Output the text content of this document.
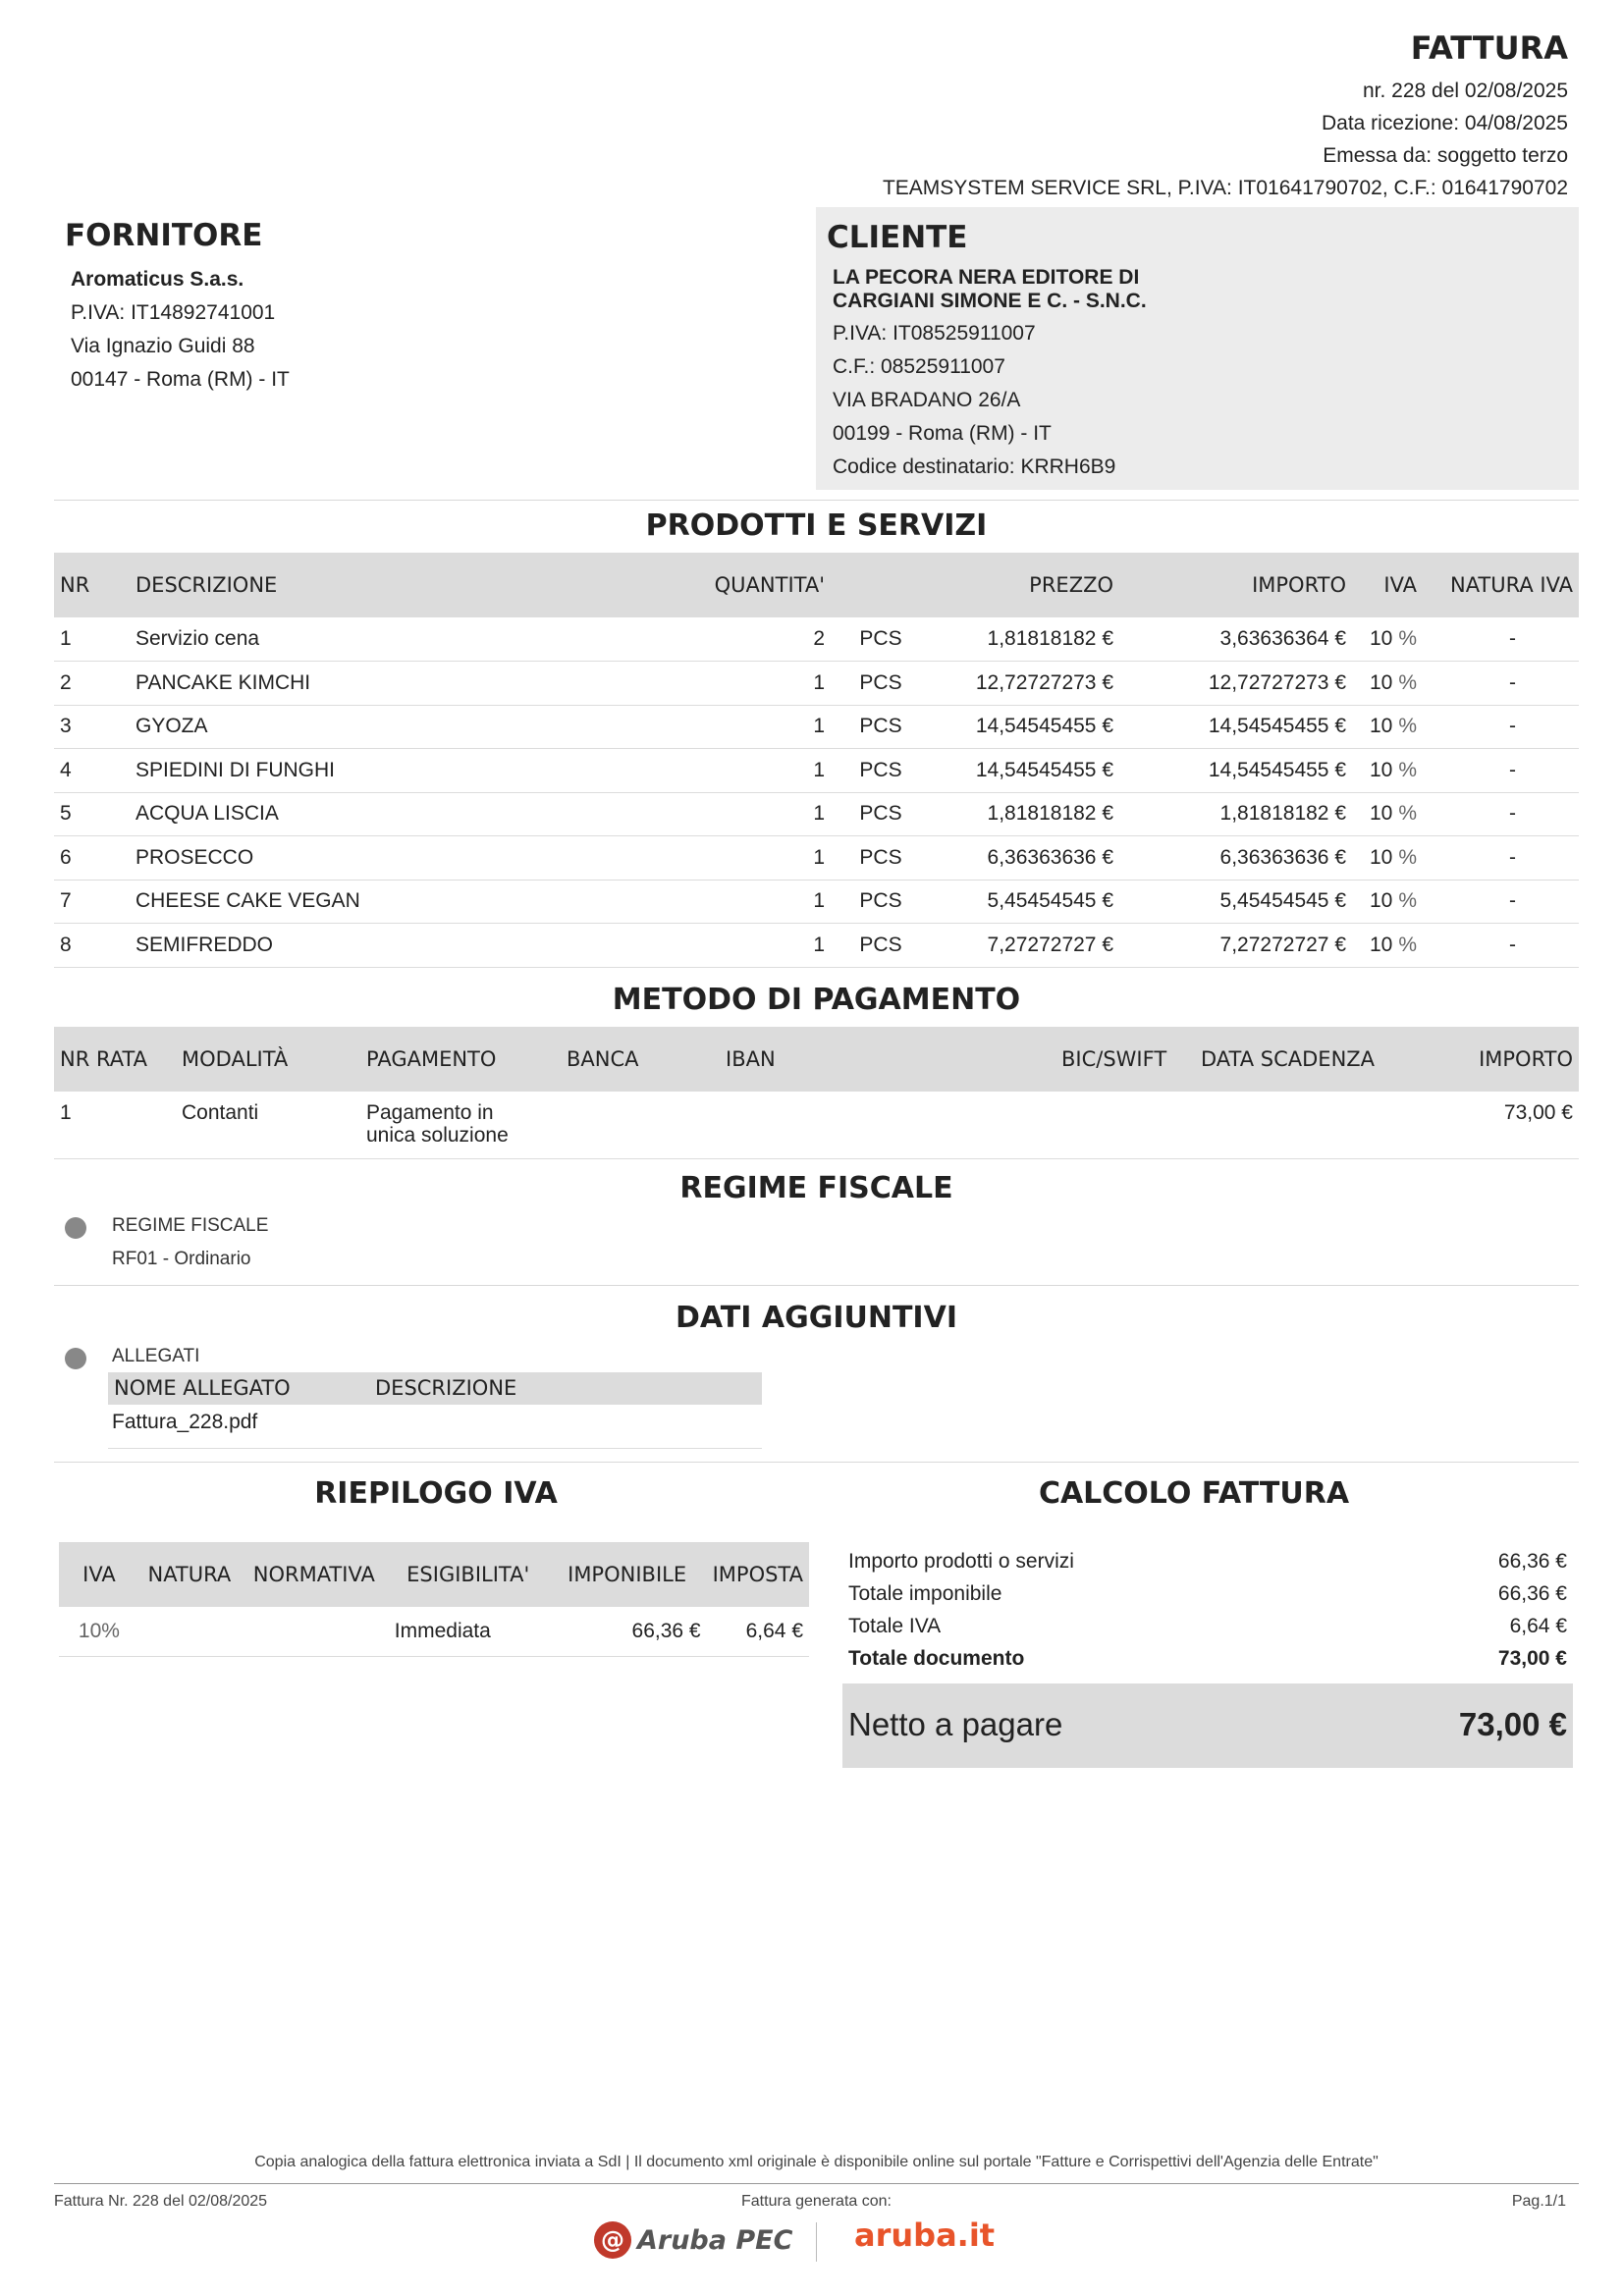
FATTURA
nr. 228 del 02/08/2025
Data ricezione: 04/08/2025
Emessa da: soggetto terzo
TEAMSYSTEM SERVICE SRL, P.IVA: IT01641790702, C.F.: 01641790702
FORNITORE
Aromaticus S.a.s.
P.IVA: IT14892741001
Via Ignazio Guidi 88
00147 - Roma (RM) - IT
CLIENTE
LA PECORA NERA EDITORE DI
CARGIANI SIMONE E C. - S.N.C.
P.IVA: IT08525911007
C.F.: 08525911007
VIA BRADANO 26/A
00199 - Roma (RM) - IT
Codice destinatario: KRRH6B9
PRODOTTI E SERVIZI
NR	DESCRIZIONE	QUANTITA'		PREZZO	IMPORTO	IVA	NATURA IVA
1	Servizio cena	2	PCS	1,81818182 €	3,63636364 €	10 %	-
2	PANCAKE KIMCHI	1	PCS	12,72727273 €	12,72727273 €	10 %	-
3	GYOZA	1	PCS	14,54545455 €	14,54545455 €	10 %	-
4	SPIEDINI DI FUNGHI	1	PCS	14,54545455 €	14,54545455 €	10 %	-
5	ACQUA LISCIA	1	PCS	1,81818182 €	1,81818182 €	10 %	-
6	PROSECCO	1	PCS	6,36363636 €	6,36363636 €	10 %	-
7	CHEESE CAKE VEGAN	1	PCS	5,45454545 €	5,45454545 €	10 %	-
8	SEMIFREDDO	1	PCS	7,27272727 €	7,27272727 €	10 %	-
METODO DI PAGAMENTO
NR RATA	MODALITÀ	PAGAMENTO	BANCA	IBAN	BIC/SWIFT	DATA SCADENZA	IMPORTO
1	Contanti	Pagamento in
unica soluzione					73,00 €
REGIME FISCALE
REGIME FISCALE
RF01 - Ordinario
DATI AGGIUNTIVI
ALLEGATI
NOME ALLEGATO	DESCRIZIONE
Fattura_228.pdf
RIEPILOGO IVA
IVA	NATURA	NORMATIVA	ESIGIBILITA'	IMPONIBILE	IMPOSTA
10%			Immediata	66,36 €	6,64 €
CALCOLO FATTURA
Importo prodotti o servizi	66,36 €
Totale imponibile	66,36 €
Totale IVA	6,64 €
Totale documento	73,00 €
Netto a pagare	73,00 €
Copia analogica della fattura elettronica inviata a SdI | Il documento xml originale è disponibile online sul portale "Fatture e Corrispettivi dell'Agenzia delle Entrate"
Fattura Nr. 228 del 02/08/2025	Fattura generata con:	Pag.1/1
@ Aruba PEC aruba.it
